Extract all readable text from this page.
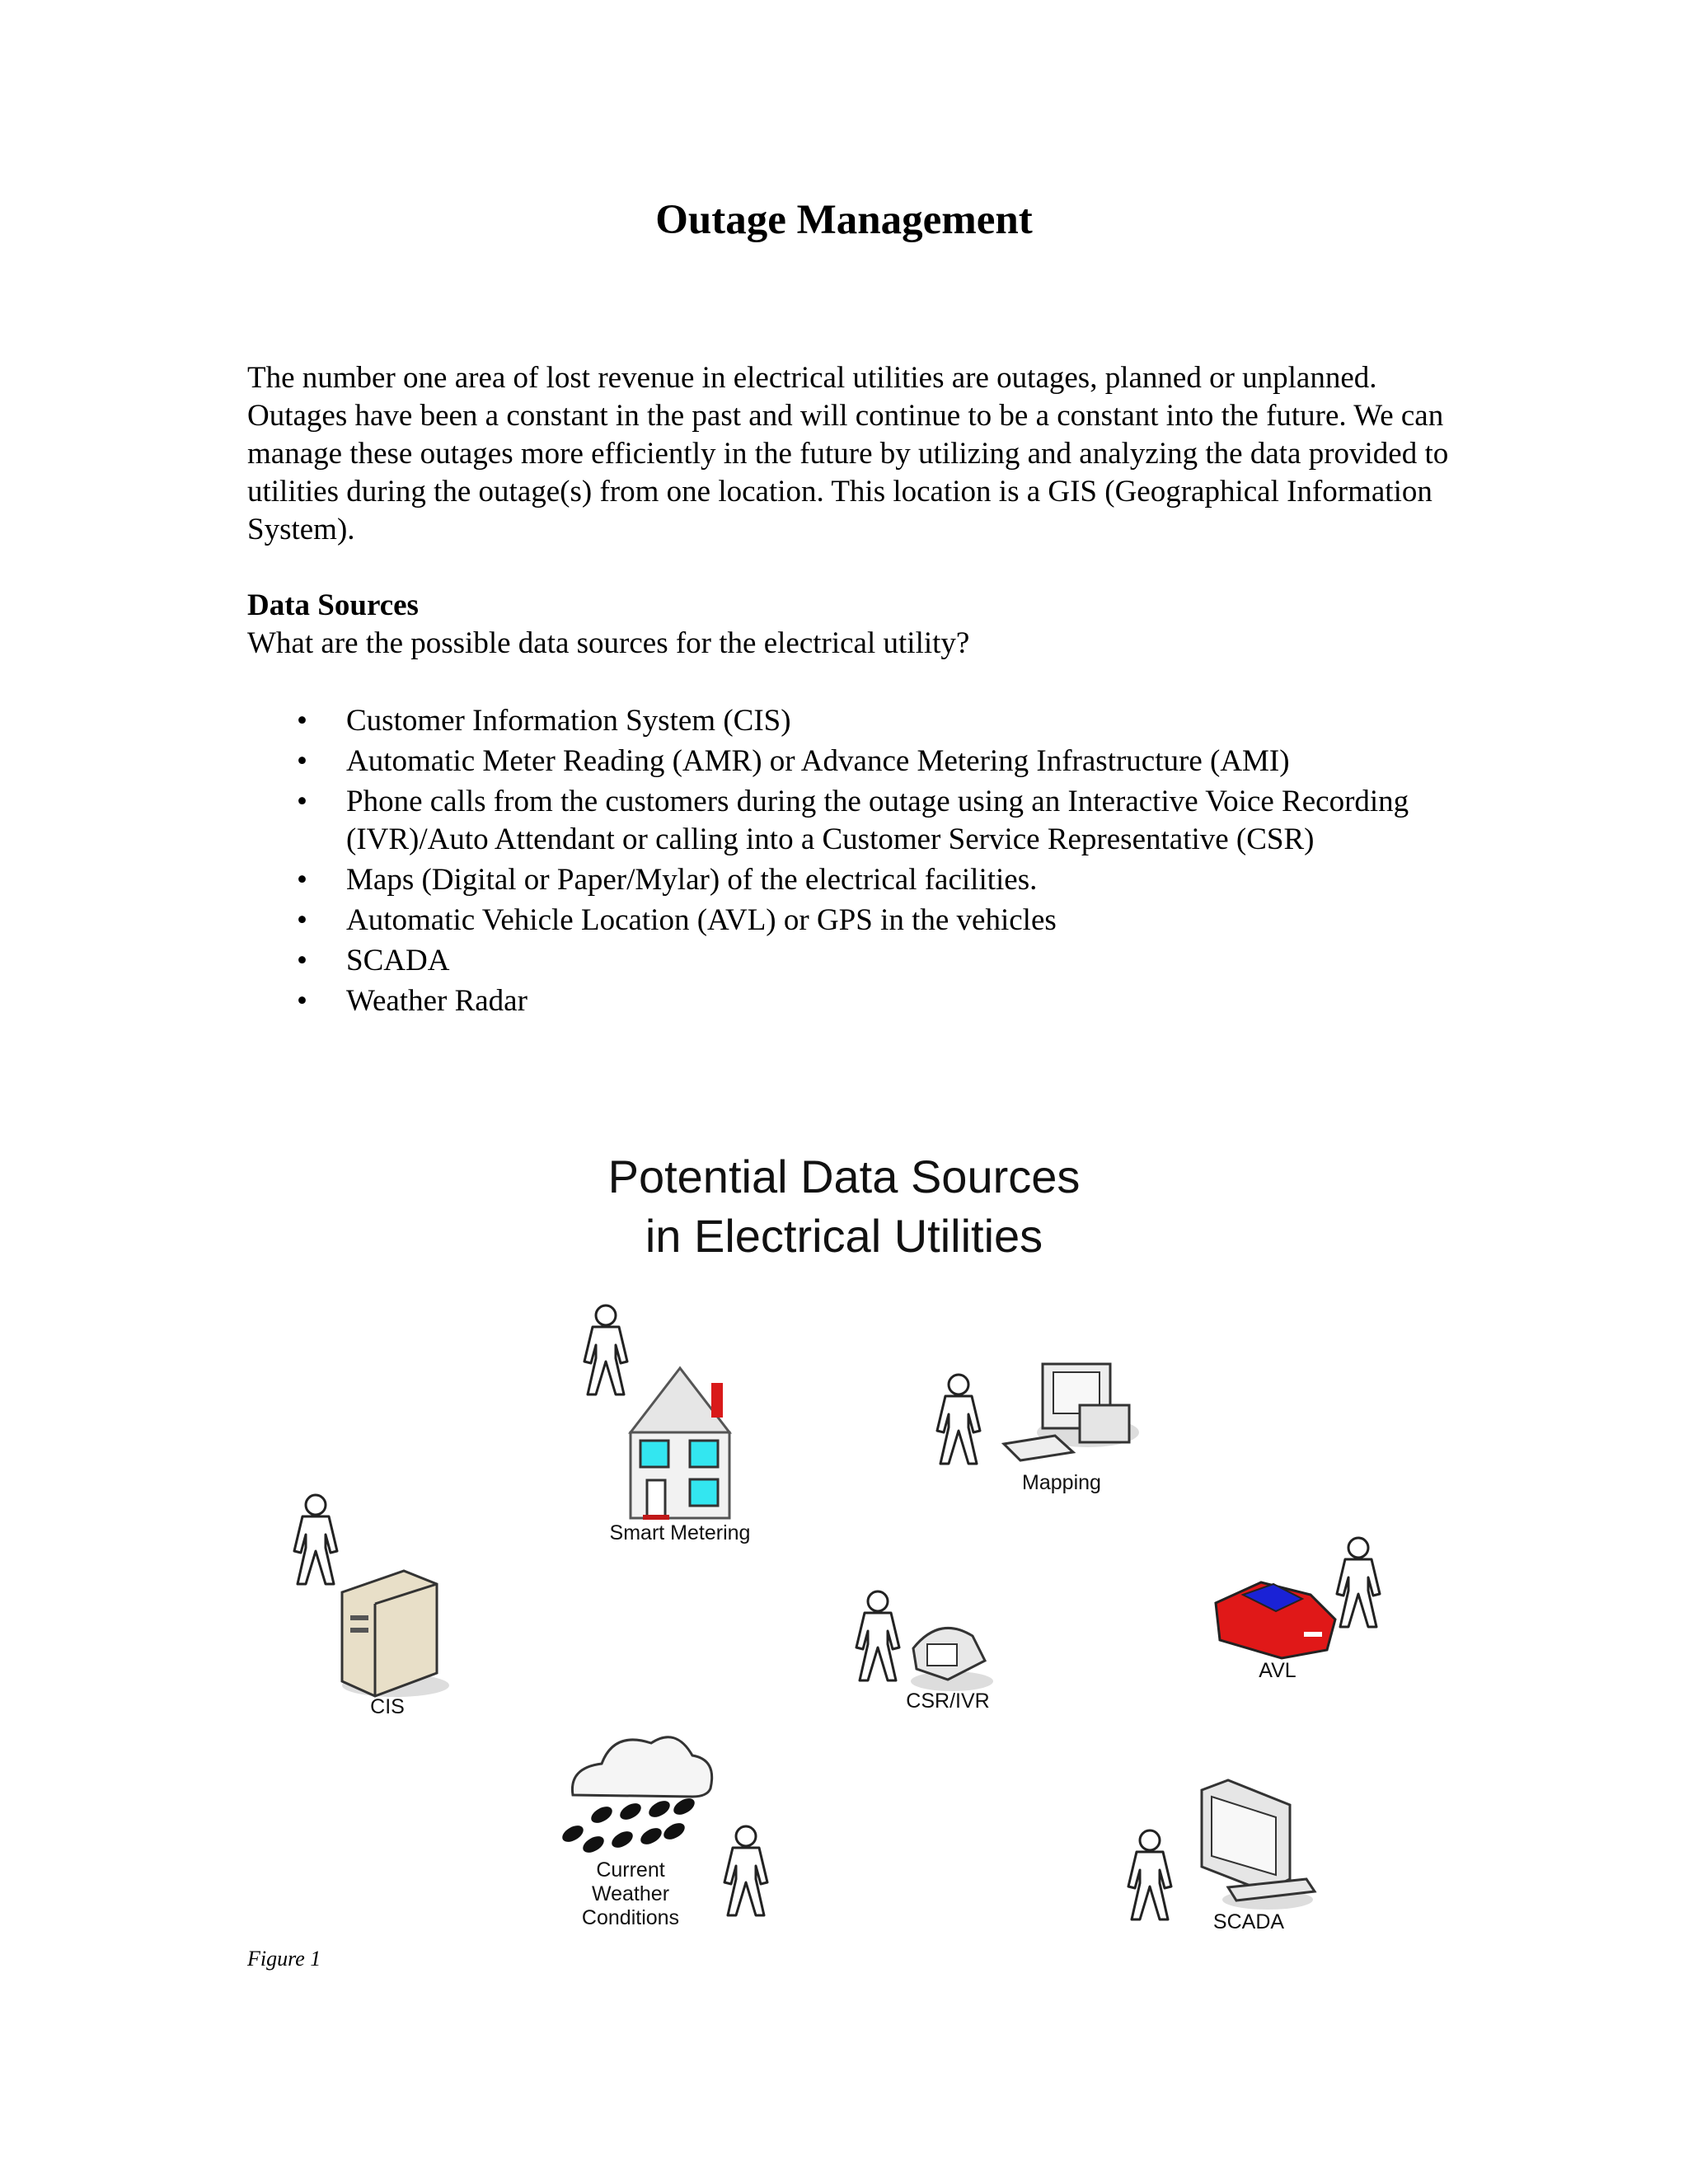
Outage Management

The number one area of lost revenue in electrical utilities are outages, planned or unplanned. Outages have been a constant in the past and will continue to be a constant into the future. We can manage these outages more efficiently in the future by utilizing and analyzing the data provided to utilities during the outage(s) from one location. This location is a GIS (Geographical Information System).

Data Sources
What are the possible data sources for the electrical utility?
• Customer Information System (CIS)
• Automatic Meter Reading (AMR) or Advance Metering Infrastructure (AMI)
• Phone calls from the customers during the outage using an Interactive Voice Recording (IVR)/Auto Attendant or calling into a Customer Service Representative (CSR)
• Maps (Digital or Paper/Mylar) of the electrical facilities.
• Automatic Vehicle Location (AVL) or GPS in the vehicles
• SCADA
• Weather Radar
Potential Data Sources
in Electrical Utilities
Smart Metering
Mapping
CIS	CSR/IVR
AVL
Current
Weather
Conditions	SCADA
Figure 1
